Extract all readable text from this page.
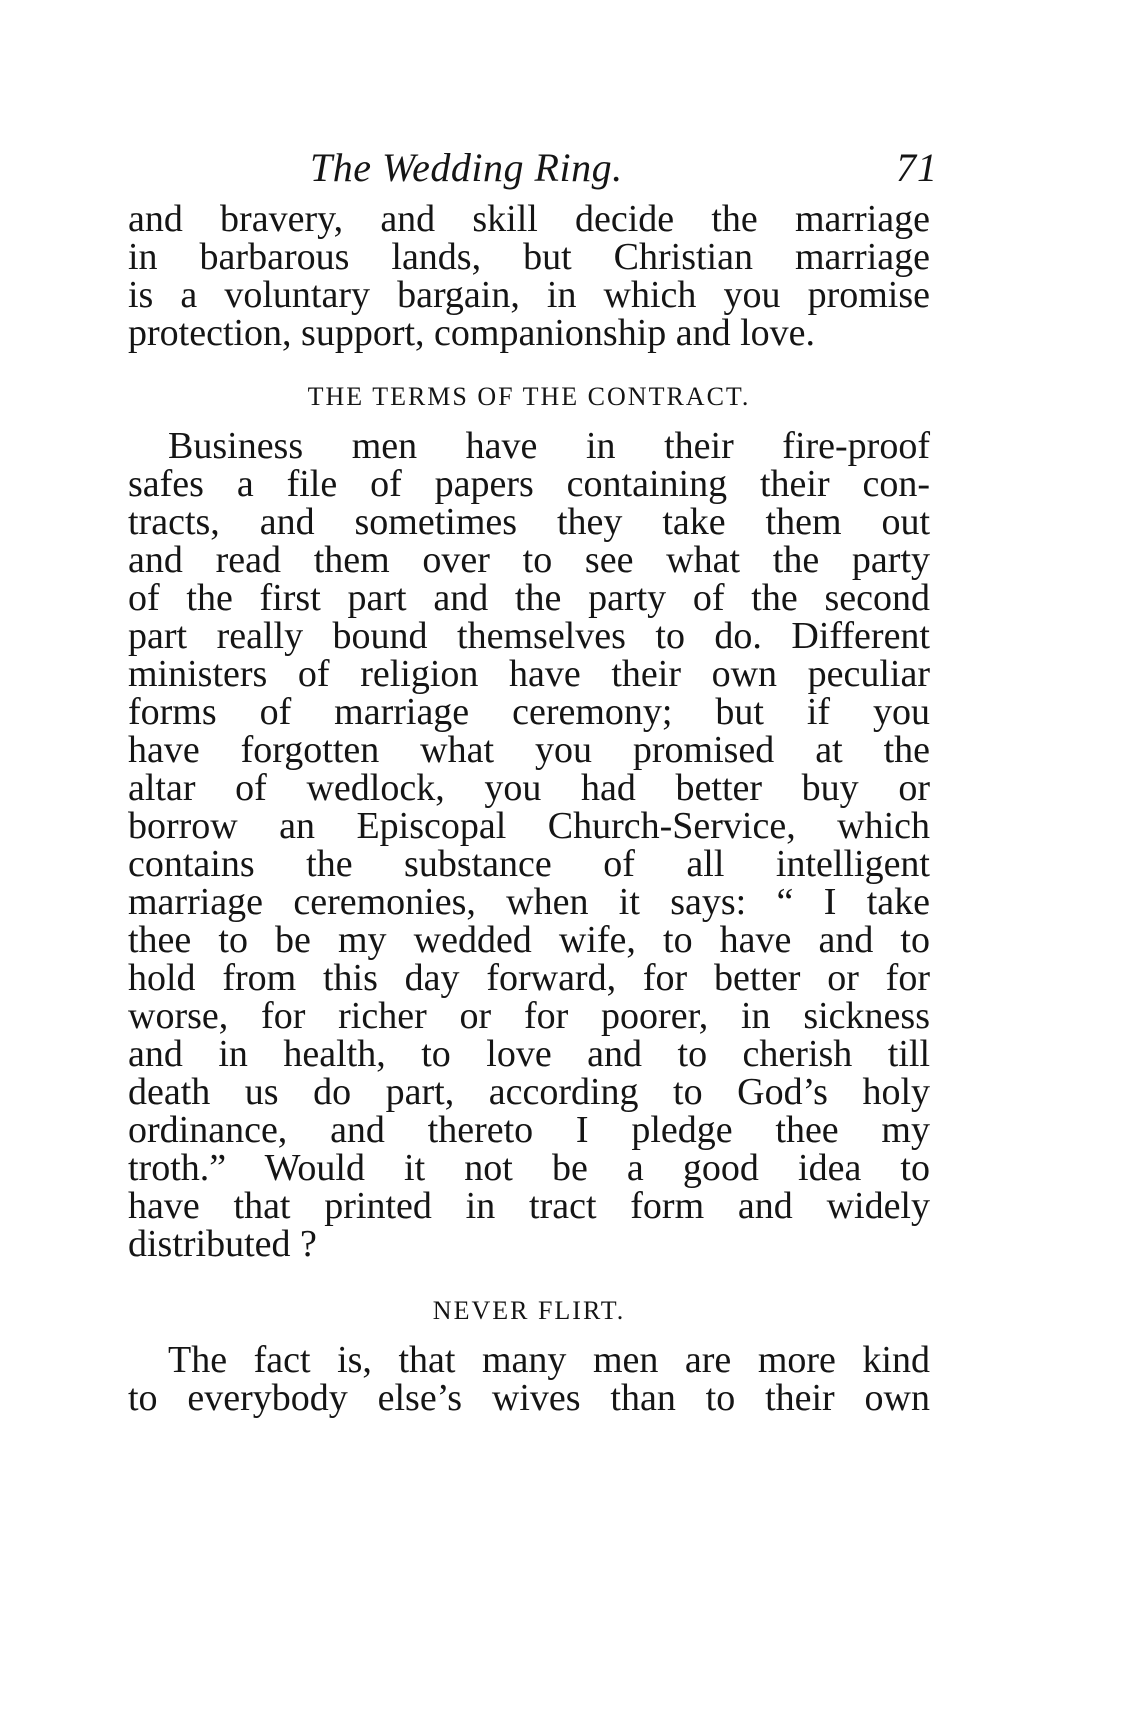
The Wedding Ring.	71
and bravery, and skill decide the marriage
in barbarous lands, but Christian marriage
is a voluntary bargain, in which you promise
protection, support, companionship and love.
THE TERMS OF THE CONTRACT.
Business men have in their fire-proof
safes a file of papers containing their con-
tracts, and sometimes they take them out
and read them over to see what the party
of the first part and the party of the second
part really bound themselves to do. Different
ministers of religion have their own peculiar
forms of marriage ceremony; but if you
have forgotten what you promised at the
altar of wedlock, you had better buy or
borrow an Episcopal Church-Service, which
contains the substance of all intelligent
marriage ceremonies, when it says: “ I take
thee to be my wedded wife, to have and to
hold from this day forward, for better or for
worse, for richer or for poorer, in sickness
and in health, to love and to cherish till
death us do part, according to God’s holy
ordinance, and thereto I pledge thee my
troth.” Would it not be a good idea to
have that printed in tract form and widely
distributed ?
NEVER FLIRT.
The fact is, that many men are more kind
to everybody else’s wives than to their own
